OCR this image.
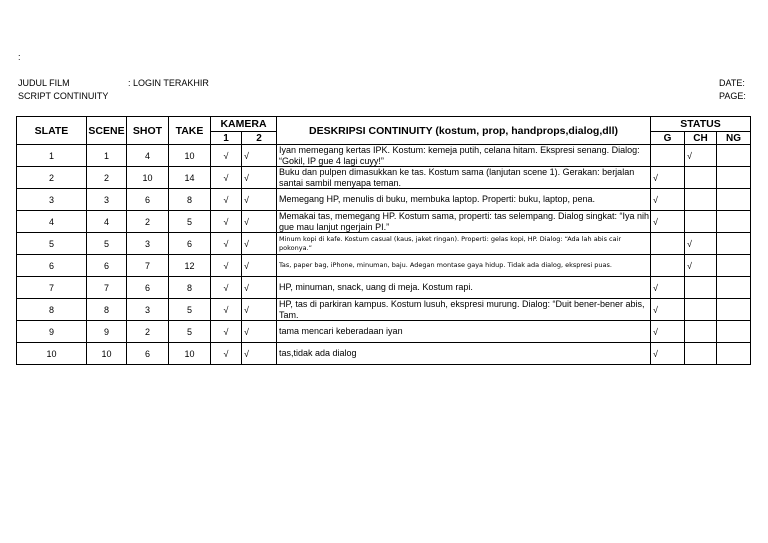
:
JUDUL FILM	: LOGIN TERAKHIR
SCRIPT CONTINUITY
DATE:
PAGE:
SLATE	SCENE	SHOT	TAKE	KAMERA		DESKRIPSI CONTINUITY (kostum, prop, handprops,dialog,dll)	STATUS		
				1	2		G	CH	NG
1	1	4	10	√	√	Iyan memegang kertas IPK. Kostum: kemeja putih, celana hitam. Ekspresi senang. Dialog: “Gokil, IP gue 4 lagi cuyy!”		√	
2	2	10	14	√	√	Buku dan pulpen dimasukkan ke tas. Kostum sama (lanjutan scene 1). Gerakan: berjalan santai sambil menyapa teman.	√		
3	3	6	8	√	√	Memegang HP, menulis di buku, membuka laptop. Properti: buku, laptop, pena.	√		
4	4	2	5	√	√	Memakai tas, memegang HP. Kostum sama, properti: tas selempang. Dialog singkat: “Iya nih gue mau lanjut ngerjain PI.”	√		
5	5	3	6	√	√	Minum kopi di kafe. Kostum casual (kaus, jaket ringan). Properti: gelas kopi, HP. Dialog: “Ada lah abis cair pokonya.”		√	
6	6	7	12	√	√	Tas, paper bag, iPhone, minuman, baju. Adegan montase gaya hidup. Tidak ada dialog, ekspresi puas.		√	
7	7	6	8	√	√	HP, minuman, snack, uang di meja. Kostum rapi.	√		
8	8	3	5	√	√	HP, tas di parkiran kampus. Kostum lusuh, ekspresi murung. Dialog: “Duit bener-bener abis, Tam.	√		
9	9	2	5	√	√	tama mencari keberadaan iyan	√		
10	10	6	10	√	√	tas,tidak ada dialog	√		
